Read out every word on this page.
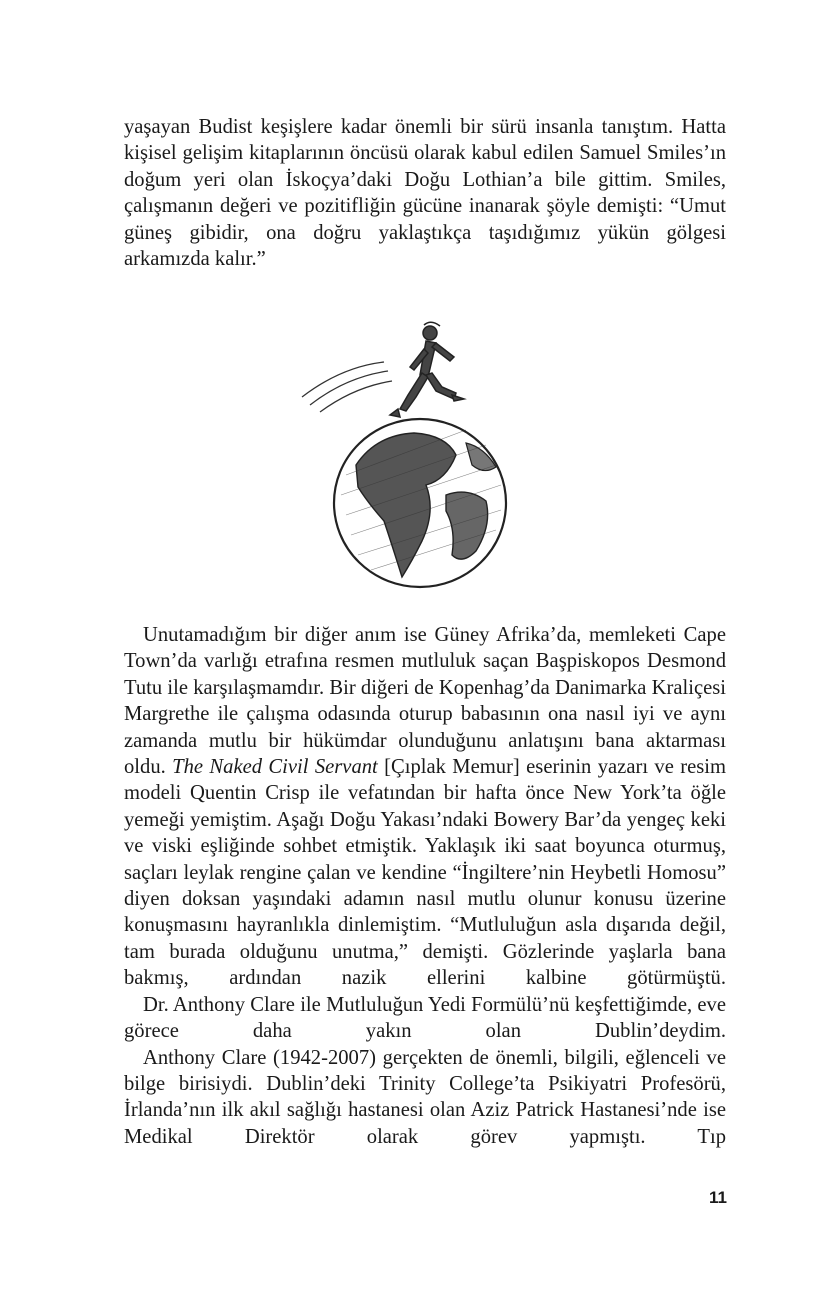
yaşayan Budist keşişlere kadar önemli bir sürü insanla tanıştım. Hatta kişisel gelişim kitaplarının öncüsü olarak kabul edilen Samuel Smiles’ın doğum yeri olan İskoçya’daki Doğu Lothian’a bile gittim. Smiles, çalışmanın değeri ve pozitifliğin gücüne inanarak şöyle demişti: “Umut güneş gibidir, ona doğru yaklaştıkça taşıdığımız yükün gölgesi arkamızda kalır.”

Unutamadığım bir diğer anım ise Güney Afrika’da, memleketi Cape Town’da varlığı etrafına resmen mutluluk saçan Başpiskopos Desmond Tutu ile karşılaşmamdır. Bir diğeri de Kopenhag’da Danimarka Kraliçesi Margrethe ile çalışma odasında oturup babasının ona nasıl iyi ve aynı zamanda mutlu bir hükümdar olunduğunu anlatışını bana aktarması oldu. The Naked Civil Servant [Çıplak Memur] eserinin yazarı ve resim modeli Quentin Crisp ile vefatından bir hafta önce New York’ta öğle yemeği yemiştim. Aşağı Doğu Yakası’ndaki Bowery Bar’da yengeç keki ve viski eşliğinde sohbet etmiştik. Yaklaşık iki saat boyunca oturmuş, saçları leylak rengine çalan ve kendine “İngiltere’nin Heybetli Homosu” diyen doksan yaşındaki adamın nasıl mutlu olunur konusu üzerine konuşmasını hayranlıkla dinlemiştim. “Mutluluğun asla dışarıda değil, tam burada olduğunu unutma,” demişti. Gözlerinde yaşlarla bana bakmış, ardından nazik ellerini kalbine götürmüştü.

Dr. Anthony Clare ile Mutluluğun Yedi Formülü’nü keşfettiğimde, eve görece daha yakın olan Dublin’deydim.

Anthony Clare (1942-2007) gerçekten de önemli, bilgili, eğlenceli ve bilge birisiydi. Dublin’deki Trinity College’ta Psikiyatri Profesörü, İrlanda’nın ilk akıl sağlığı hastanesi olan Aziz Patrick Hastanesi’nde ise Medikal Direktör olarak görev yapmıştı. Tıp

11
